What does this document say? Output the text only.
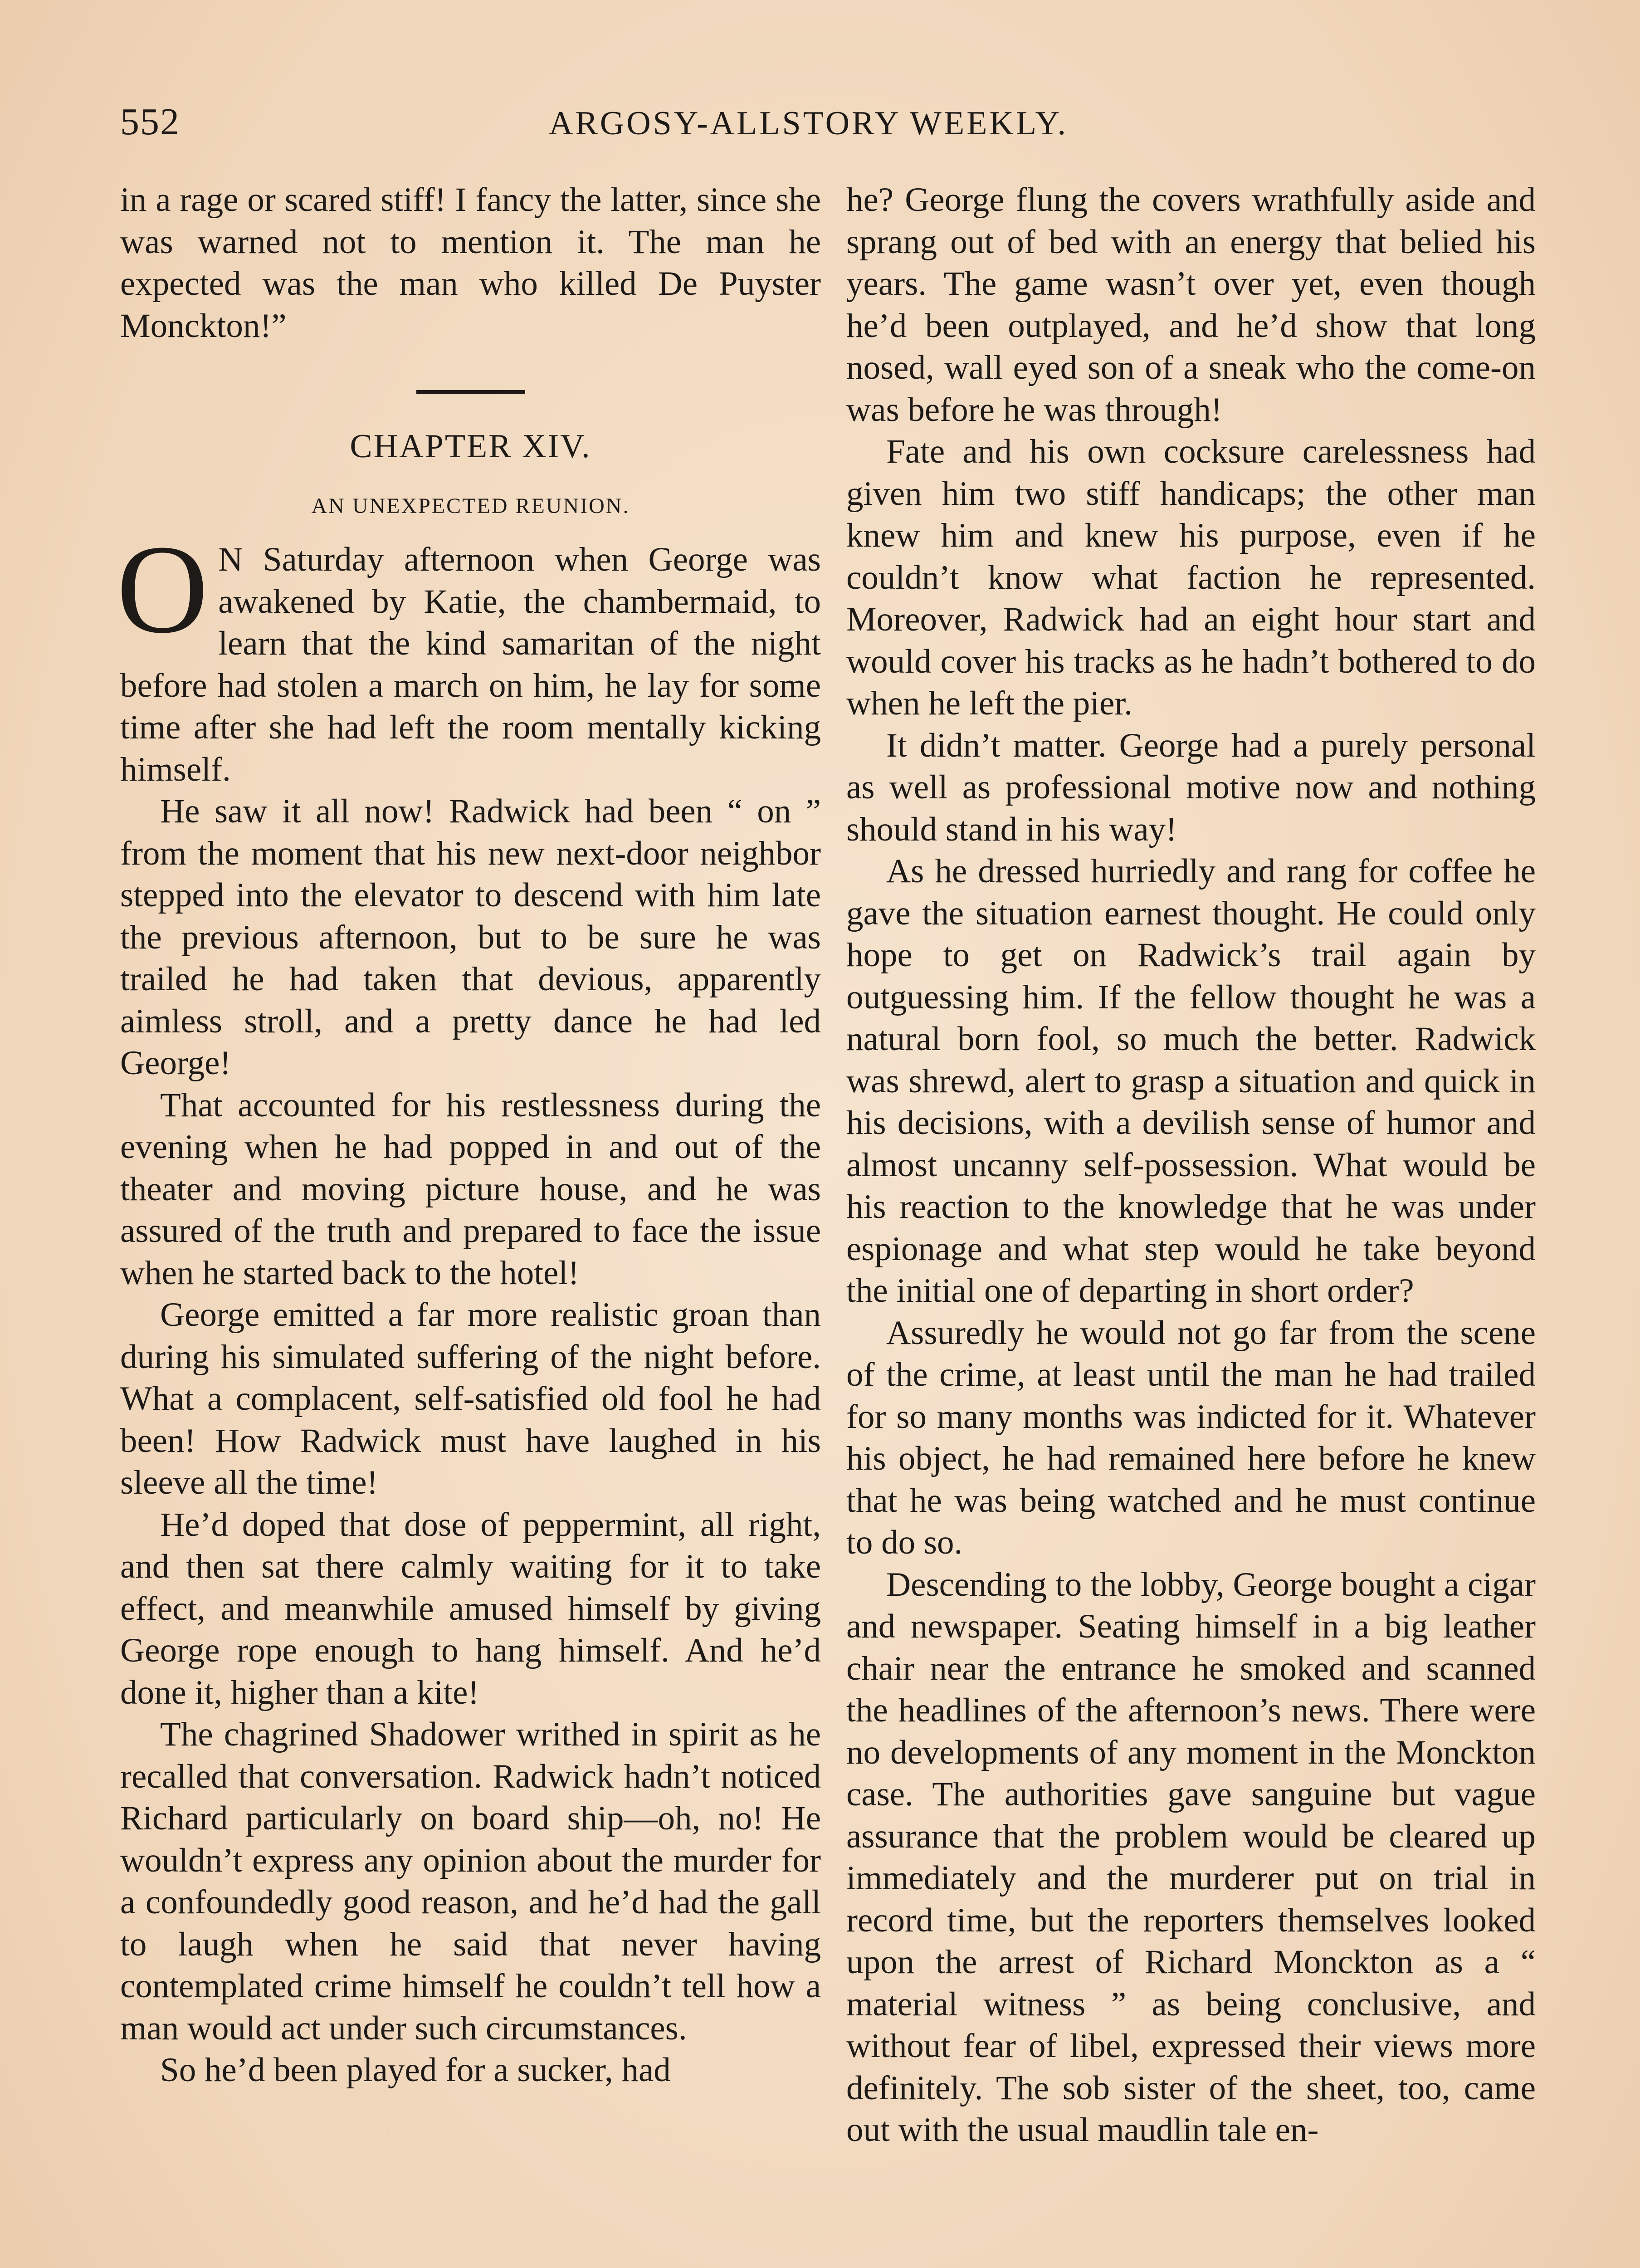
552	ARGOSY-ALLSTORY WEEKLY.

in a rage or scared stiff! I fancy the latter, since she was warned not to mention it. The man he expected was the man who killed De Puyster Monckton!”

CHAPTER XIV.
AN UNEXPECTED REUNION.

O N Saturday afternoon when George was awakened by Katie, the chambermaid, to learn that the kind samaritan of the night before had stolen a march on him, he lay for some time after she had left the room mentally kicking himself.

He saw it all now! Radwick had been “ on ” from the moment that his new next-door neighbor stepped into the elevator to descend with him late the previous afternoon, but to be sure he was trailed he had taken that devious, apparently aimless stroll, and a pretty dance he had led George!

That accounted for his restlessness during the evening when he had popped in and out of the theater and moving picture house, and he was assured of the truth and prepared to face the issue when he started back to the hotel!

George emitted a far more realistic groan than during his simulated suffering of the night before. What a complacent, self-satisfied old fool he had been! How Radwick must have laughed in his sleeve all the time!

He’d doped that dose of peppermint, all right, and then sat there calmly waiting for it to take effect, and meanwhile amused himself by giving George rope enough to hang himself. And he’d done it, higher than a kite!

The chagrined Shadower writhed in spirit as he recalled that conversation. Radwick hadn’t noticed Richard particularly on board ship—oh, no! He wouldn’t express any opinion about the murder for a confoundedly good reason, and he’d had the gall to laugh when he said that never having contemplated crime himself he couldn’t tell how a man would act under such circumstances.

So he’d been played for a sucker, had

he? George flung the covers wrathfully aside and sprang out of bed with an energy that belied his years. The game wasn’t over yet, even though he’d been outplayed, and he’d show that long nosed, wall eyed son of a sneak who the come-on was before he was through!

Fate and his own cocksure carelessness had given him two stiff handicaps; the other man knew him and knew his purpose, even if he couldn’t know what faction he represented. Moreover, Radwick had an eight hour start and would cover his tracks as he hadn’t bothered to do when he left the pier.

It didn’t matter. George had a purely personal as well as professional motive now and nothing should stand in his way!

As he dressed hurriedly and rang for coffee he gave the situation earnest thought. He could only hope to get on Radwick’s trail again by outguessing him. If the fellow thought he was a natural born fool, so much the better. Radwick was shrewd, alert to grasp a situation and quick in his decisions, with a devilish sense of humor and almost uncanny self-possession. What would be his reaction to the knowledge that he was under espionage and what step would he take beyond the initial one of departing in short order?

Assuredly he would not go far from the scene of the crime, at least until the man he had trailed for so many months was indicted for it. Whatever his object, he had remained here before he knew that he was being watched and he must continue to do so.

Descending to the lobby, George bought a cigar and newspaper. Seating himself in a big leather chair near the entrance he smoked and scanned the headlines of the afternoon’s news. There were no developments of any moment in the Monckton case. The authorities gave sanguine but vague assurance that the problem would be cleared up immediately and the murderer put on trial in record time, but the reporters themselves looked upon the arrest of Richard Monckton as a “ material witness ” as being conclusive, and without fear of libel, expressed their views more definitely. The sob sister of the sheet, too, came out with the usual maudlin tale en-
